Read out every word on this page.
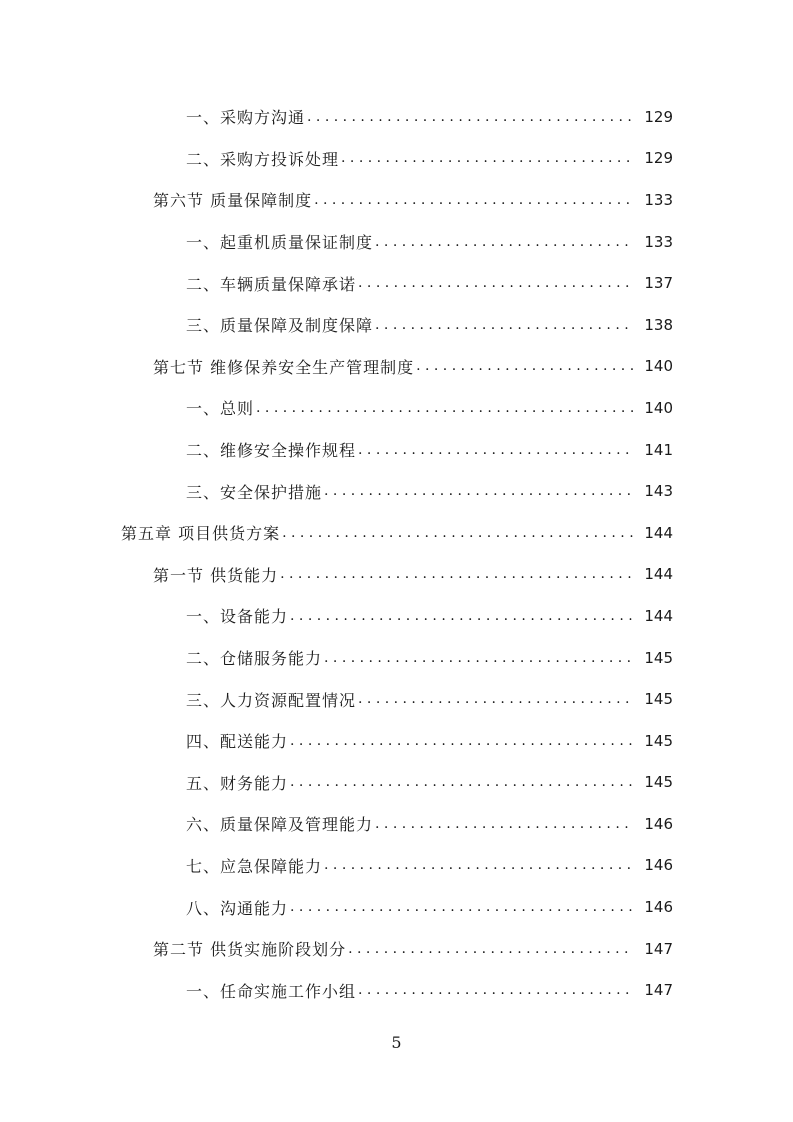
一、采购方沟通 . . .	129
二、采购方投诉处理 . . .	129
第六节 质量保障制度 . . .	133
一、起重机质量保证制度 . . .	133
二、车辆质量保障承诺 . . .	137
三、质量保障及制度保障 . . .	138
第七节 维修保养安全生产管理制度 . . .	140
一、总则 . . .	140
二、维修安全操作规程 . . .	141
三、安全保护措施 . . .	143
第五章 项目供货方案 . . .	144
第一节 供货能力 . . .	144
一、设备能力 . . .	144
二、仓储服务能力 . . .	145
三、人力资源配置情况 . . .	145
四、配送能力 . . .	145
五、财务能力 . . .	145
六、质量保障及管理能力 . . .	146
七、应急保障能力 . . .	146
八、沟通能力 . . .	146
第二节 供货实施阶段划分 . . .	147
一、任命实施工作小组 . . .	147
5
